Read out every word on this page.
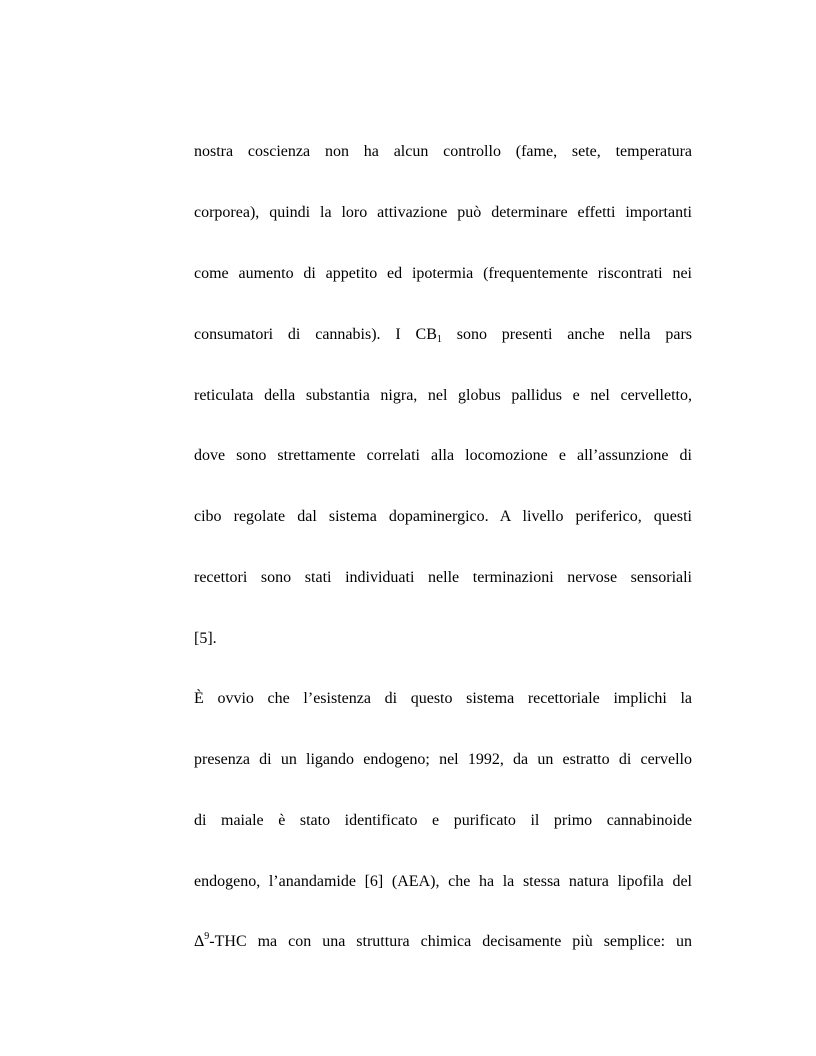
nostra coscienza non ha alcun controllo (fame, sete, temperatura
corporea), quindi la loro attivazione può determinare effetti importanti
come aumento di appetito ed ipotermia (frequentemente riscontrati nei
consumatori di cannabis). I $CB_1$ sono presenti anche nella pars
reticulata della substantia nigra, nel globus pallidus e nel cervelletto,
dove sono strettamente correlati alla locomozione e all’assunzione di
cibo regolate dal sistema dopaminergico. A livello periferico, questi
recettori sono stati individuati nelle terminazioni nervose sensoriali
[5].
È ovvio che l’esistenza di questo sistema recettoriale implichi la
presenza di un ligando endogeno; nel 1992, da un estratto di cervello
di maiale è stato identificato e purificato il primo cannabinoide
endogeno, l’anandamide [6] (AEA), che ha la stessa natura lipofila del
$\Delta^9$-THC ma con una struttura chimica decisamente più semplice: un
